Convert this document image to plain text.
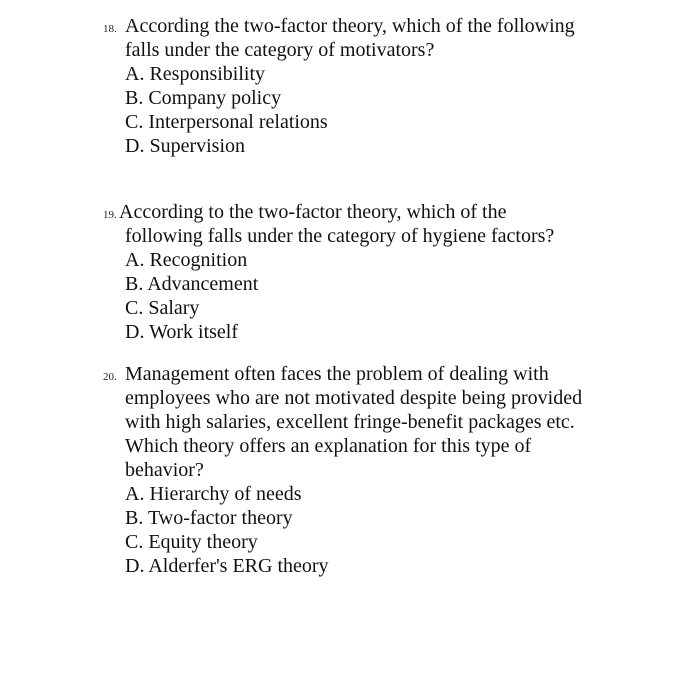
18. According the two-factor theory, which of the following
falls under the category of motivators?
A. Responsibility
B. Company policy
C. Interpersonal relations
D. Supervision
19. According to the two-factor theory, which of the
following falls under the category of hygiene factors?
A. Recognition
B. Advancement
C. Salary
D. Work itself
20. Management often faces the problem of dealing with
employees who are not motivated despite being provided
with high salaries, excellent fringe-benefit packages etc.
Which theory offers an explanation for this type of
behavior?
A. Hierarchy of needs
B. Two-factor theory
C. Equity theory
D. Alderfer's ERG theory
